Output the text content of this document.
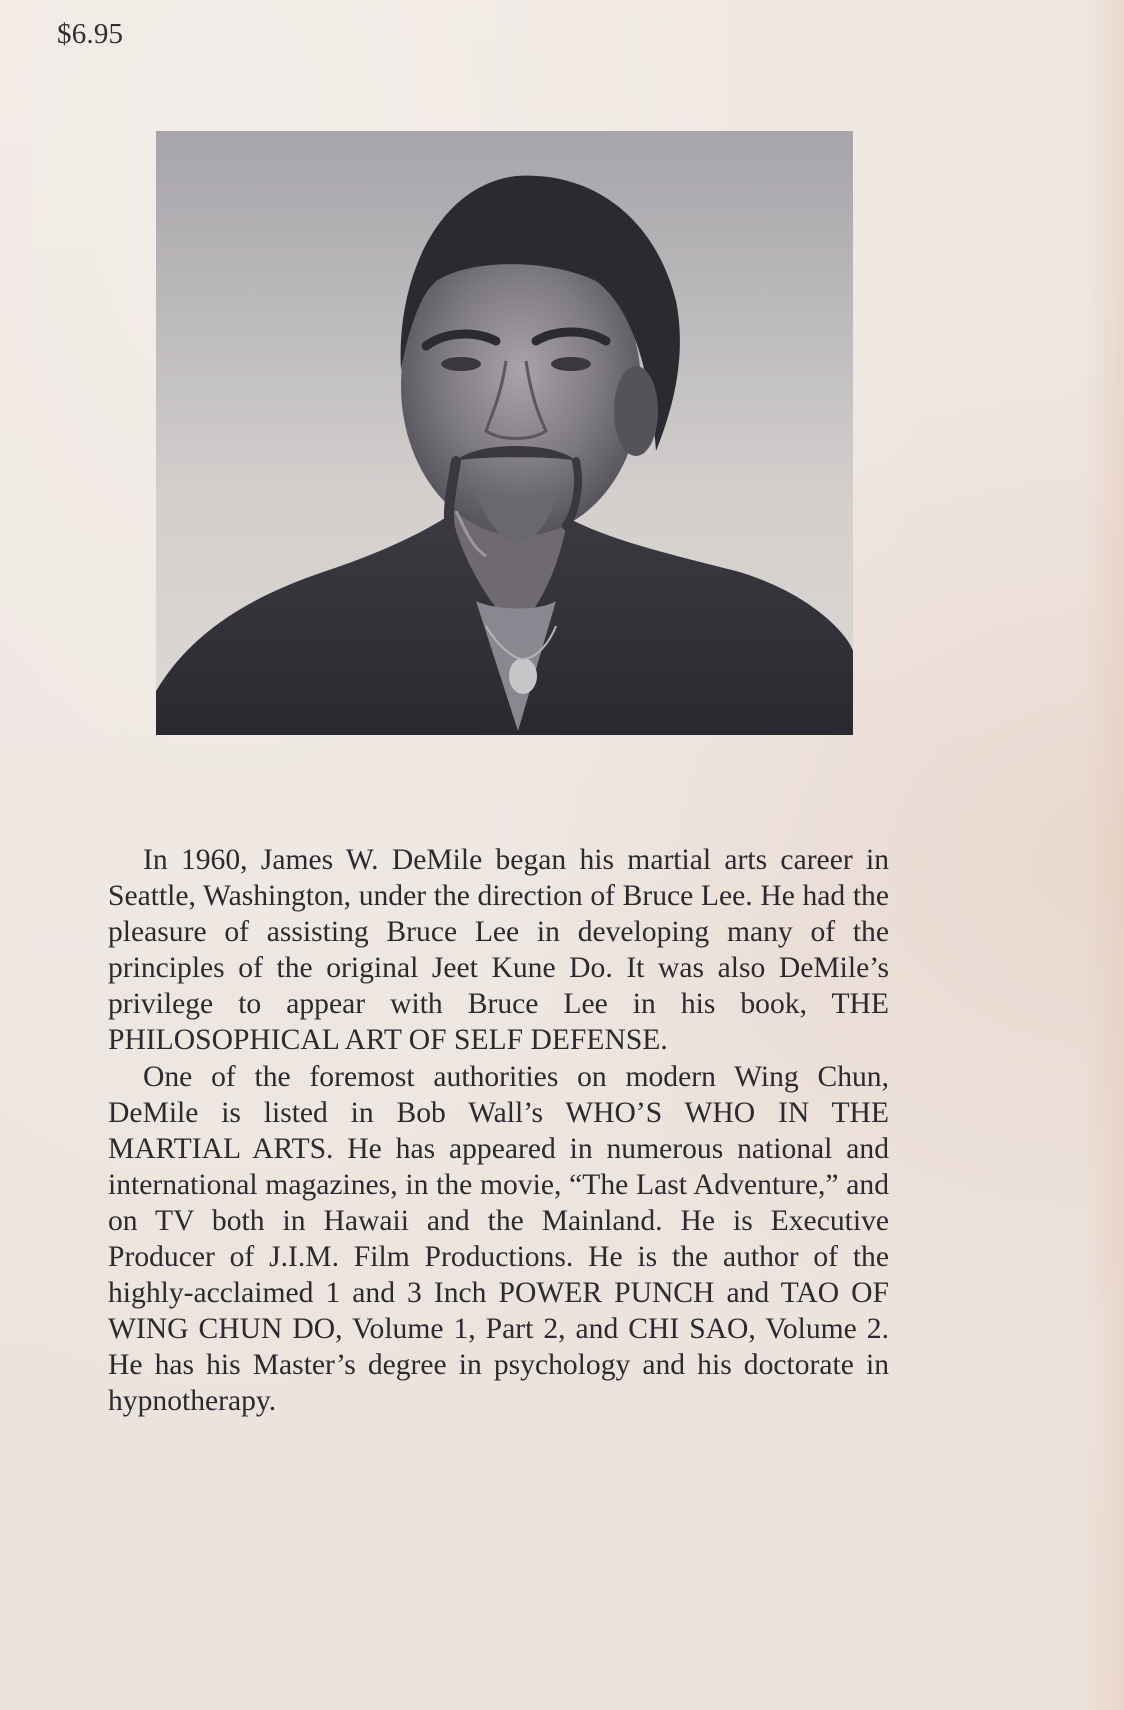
$6.95

In 1960, James W. DeMile began his martial arts career in Seattle, Washington, under the direction of Bruce Lee. He had the pleasure of assisting Bruce Lee in developing many of the principles of the original Jeet Kune Do. It was also DeMile’s privilege to appear with Bruce Lee in his book, THE PHILOSOPHICAL ART OF SELF DEFENSE.

One of the foremost authorities on modern Wing Chun, DeMile is listed in Bob Wall’s WHO’S WHO IN THE MARTIAL ARTS. He has appeared in numerous national and international magazines, in the movie, “The Last Adventure,” and on TV both in Hawaii and the Mainland. He is Executive Producer of J.I.M. Film Productions. He is the author of the highly-acclaimed 1 and 3 Inch POWER PUNCH and TAO OF WING CHUN DO, Volume 1, Part 2, and CHI SAO, Volume 2. He has his Master’s degree in psychology and his doctorate in hypnotherapy.
